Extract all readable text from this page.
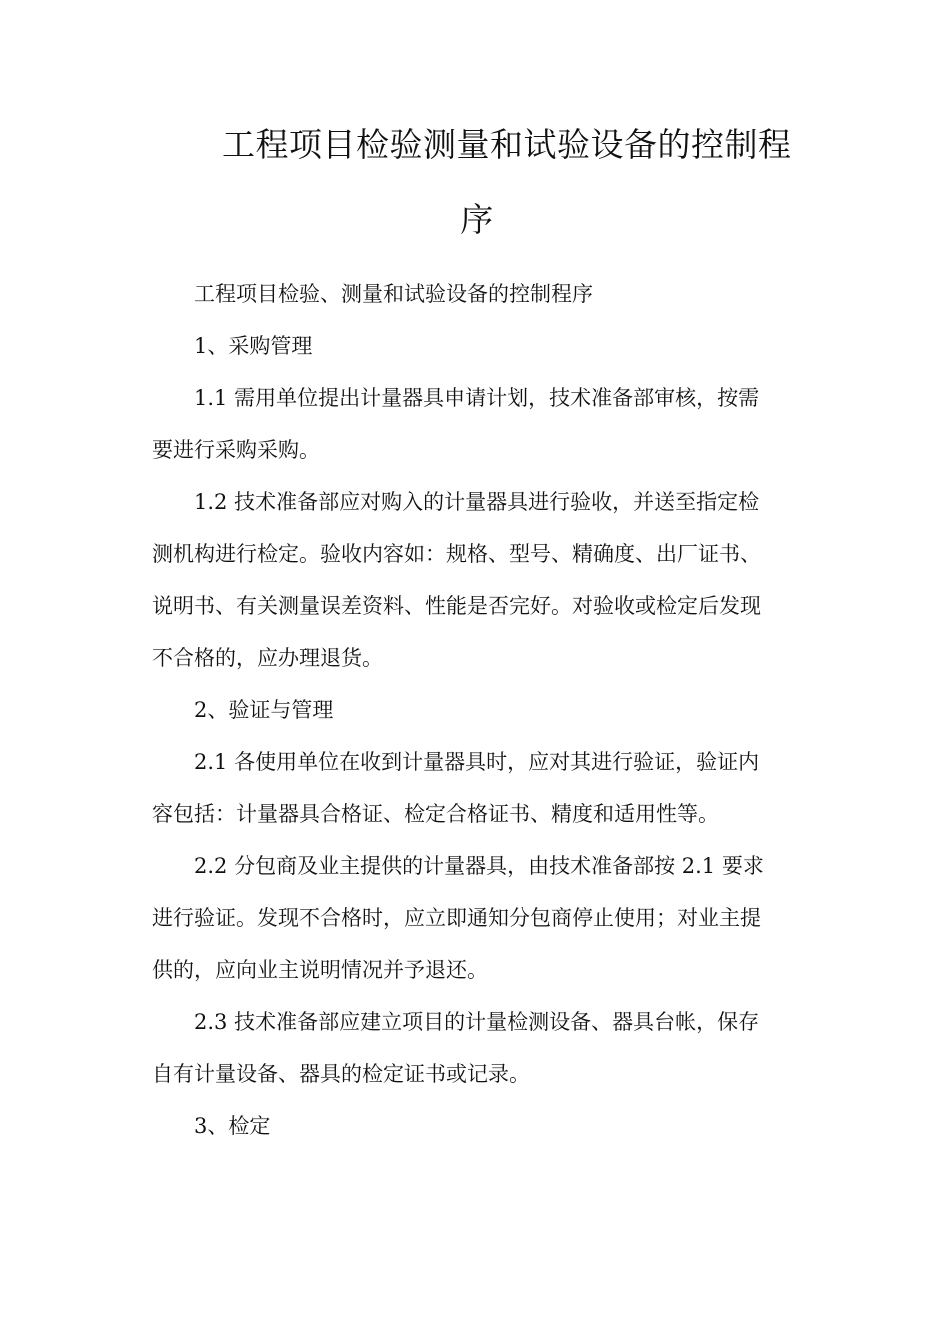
工程项目检验测量和试验设备的控制程
序
工程项目检验、测量和试验设备的控制程序
1、采购管理
1.1 需用单位提出计量器具申请计划，技术准备部审核，按需
要进行采购采购。
1.2 技术准备部应对购入的计量器具进行验收，并送至指定检
测机构进行检定。验收内容如：规格、型号、精确度、出厂证书、
说明书、有关测量误差资料、性能是否完好。对验收或检定后发现
不合格的，应办理退货。
2、验证与管理
2.1 各使用单位在收到计量器具时，应对其进行验证，验证内
容包括：计量器具合格证、检定合格证书、精度和适用性等。
2.2 分包商及业主提供的计量器具，由技术准备部按 2.1 要求
进行验证。发现不合格时，应立即通知分包商停止使用；对业主提
供的，应向业主说明情况并予退还。
2.3 技术准备部应建立项目的计量检测设备、器具台帐，保存
自有计量设备、器具的检定证书或记录。
3、检定
